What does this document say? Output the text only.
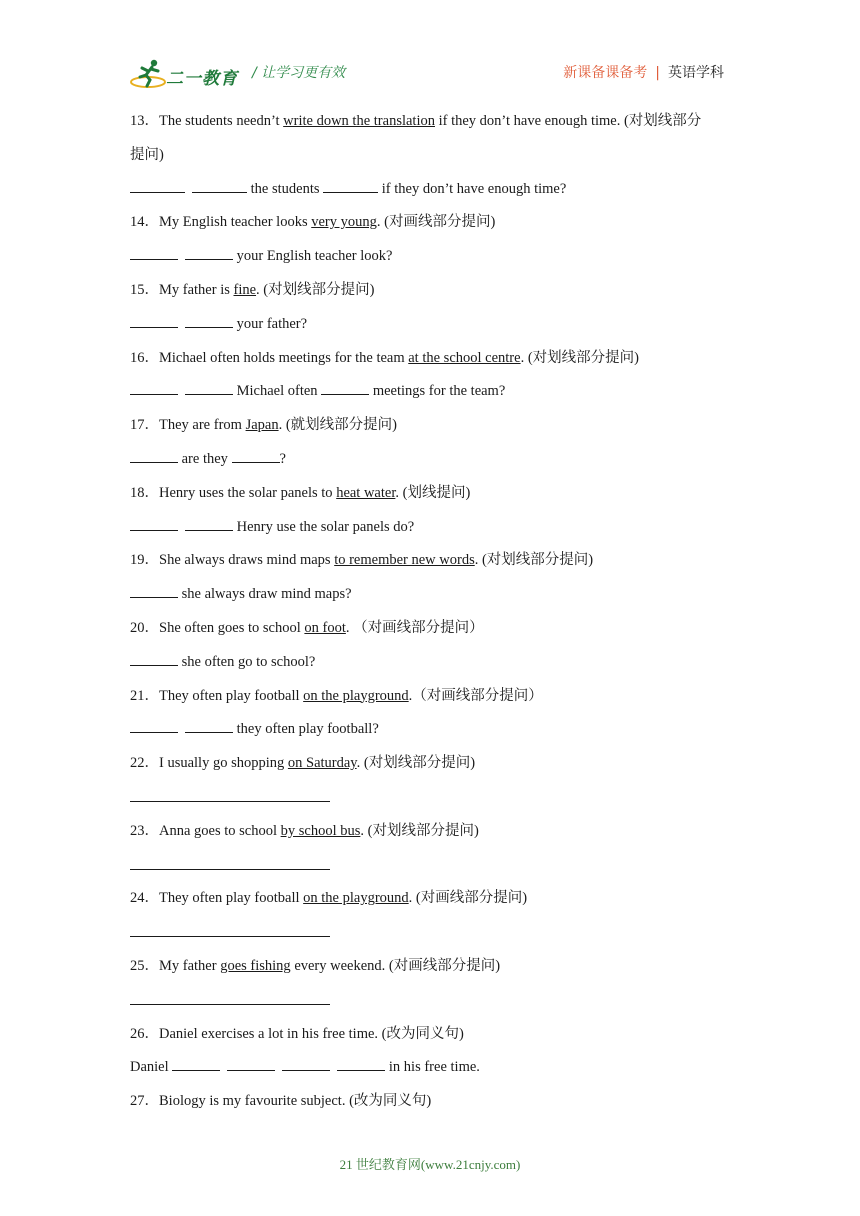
二一教育 / 让学习更有效	新课备课备考 | 英语学科
13．The students needn’t write down the translation if they don’t have enough time. (对划线部分
提问)
the students	if they don’t have enough time?
14．My English teacher looks very young. (对画线部分提问)
your English teacher look?
15．My father is fine. (对划线部分提问)
your father?
16．Michael often holds meetings for the team at the school centre. (对划线部分提问)
Michael often	meetings for the team?
17．They are from Japan. (就划线部分提问)
are they	?
18．Henry uses the solar panels to heat water. (划线提问)
Henry use the solar panels do?
19．She always draws mind maps to remember new words. (对划线部分提问)
she always draw mind maps?
20．She often goes to school on foot. （对画线部分提问）
she often go to school?
21．They often play football on the playground.（对画线部分提问）
they often play football?
22．I usually go shopping on Saturday. (对划线部分提问)
23．Anna goes to school by school bus. (对划线部分提问)
24．They often play football on the playground. (对画线部分提问)
25．My father goes fishing every weekend. (对画线部分提问)
26．Daniel exercises a lot in his free time. (改为同义句)
Daniel	in his free time.
27．Biology is my favourite subject. (改为同义句)
21 世纪教育网(www.21cnjy.com)
